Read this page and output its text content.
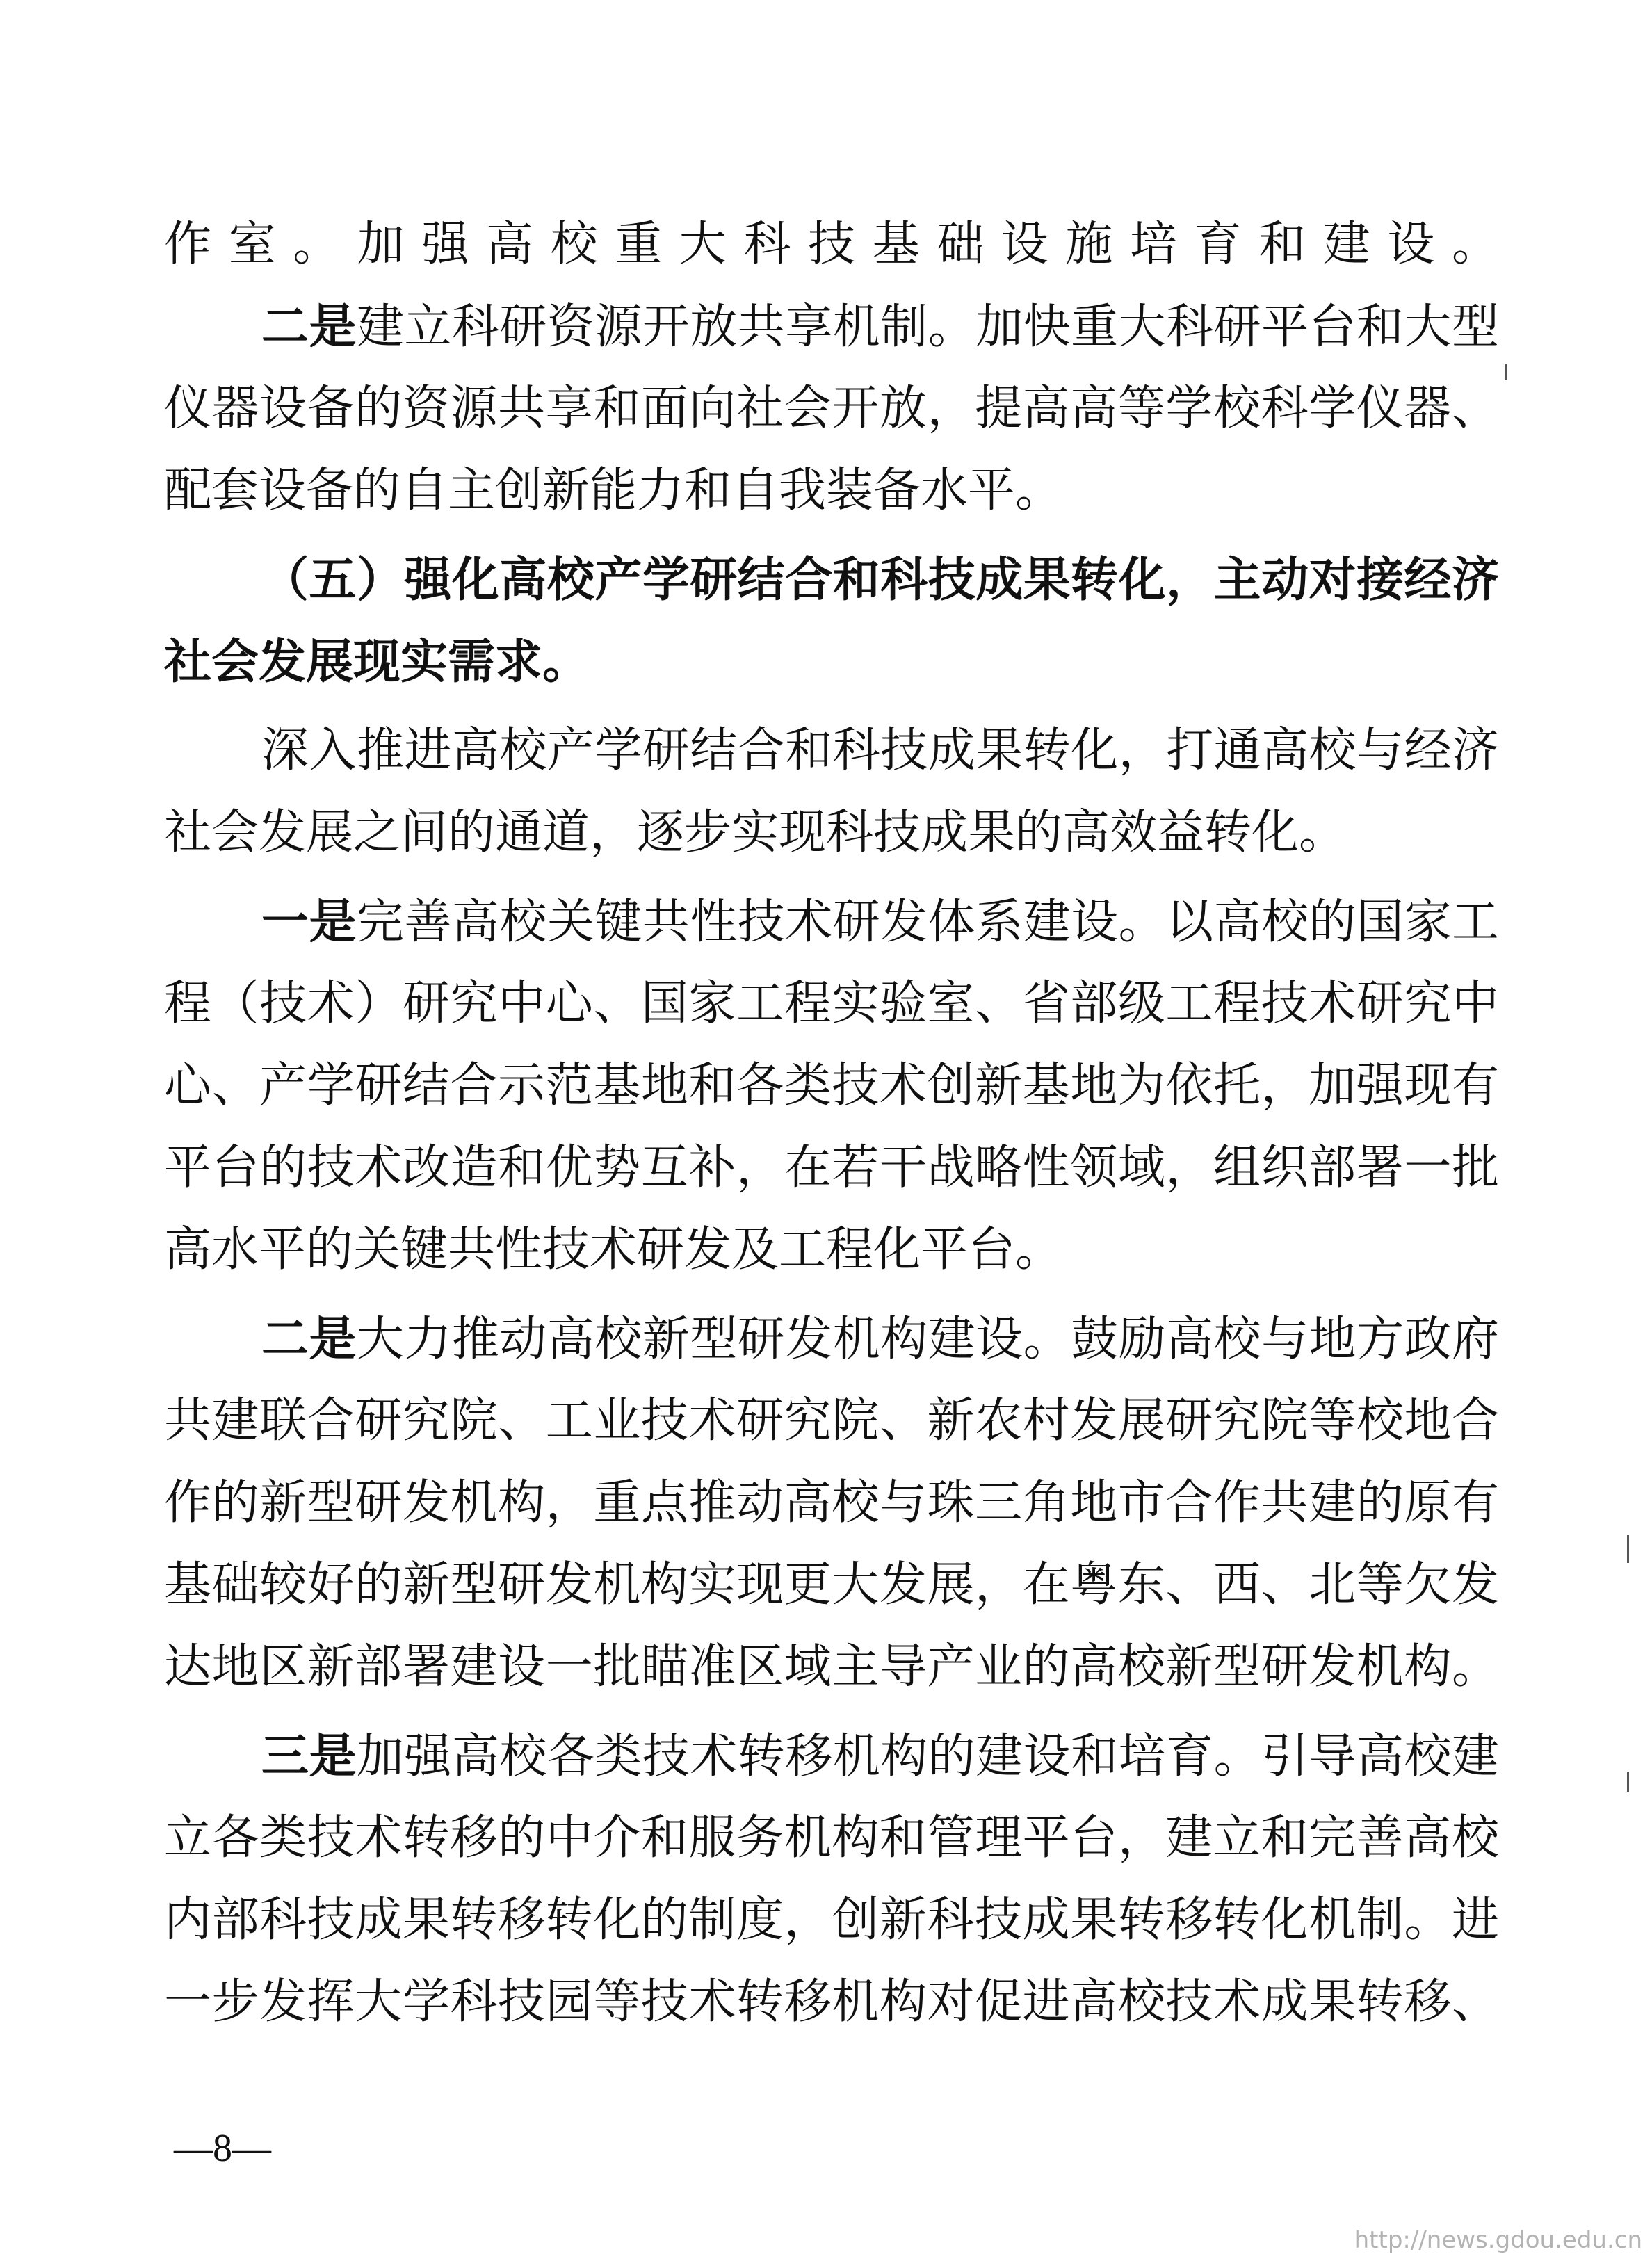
作室。加强高校重大科技基础设施培育和建设。
二是建立科研资源开放共享机制。加快重大科研平台和大型
仪器设备的资源共享和面向社会开放，提高高等学校科学仪器、
配套设备的自主创新能力和自我装备水平。
（五）强化高校产学研结合和科技成果转化，主动对接经济
社会发展现实需求。
深入推进高校产学研结合和科技成果转化，打通高校与经济
社会发展之间的通道，逐步实现科技成果的高效益转化。
一是完善高校关键共性技术研发体系建设。以高校的国家工
程（技术）研究中心、国家工程实验室、省部级工程技术研究中
心、产学研结合示范基地和各类技术创新基地为依托，加强现有
平台的技术改造和优势互补，在若干战略性领域，组织部署一批
高水平的关键共性技术研发及工程化平台。
二是大力推动高校新型研发机构建设。鼓励高校与地方政府
共建联合研究院、工业技术研究院、新农村发展研究院等校地合
作的新型研发机构，重点推动高校与珠三角地市合作共建的原有
基础较好的新型研发机构实现更大发展，在粤东、西、北等欠发
达地区新部署建设一批瞄准区域主导产业的高校新型研发机构。
三是加强高校各类技术转移机构的建设和培育。引导高校建
立各类技术转移的中介和服务机构和管理平台，建立和完善高校
内部科技成果转移转化的制度，创新科技成果转移转化机制。进
一步发挥大学科技园等技术转移机构对促进高校技术成果转移、
—8—
http://news.gdou.edu.cn
